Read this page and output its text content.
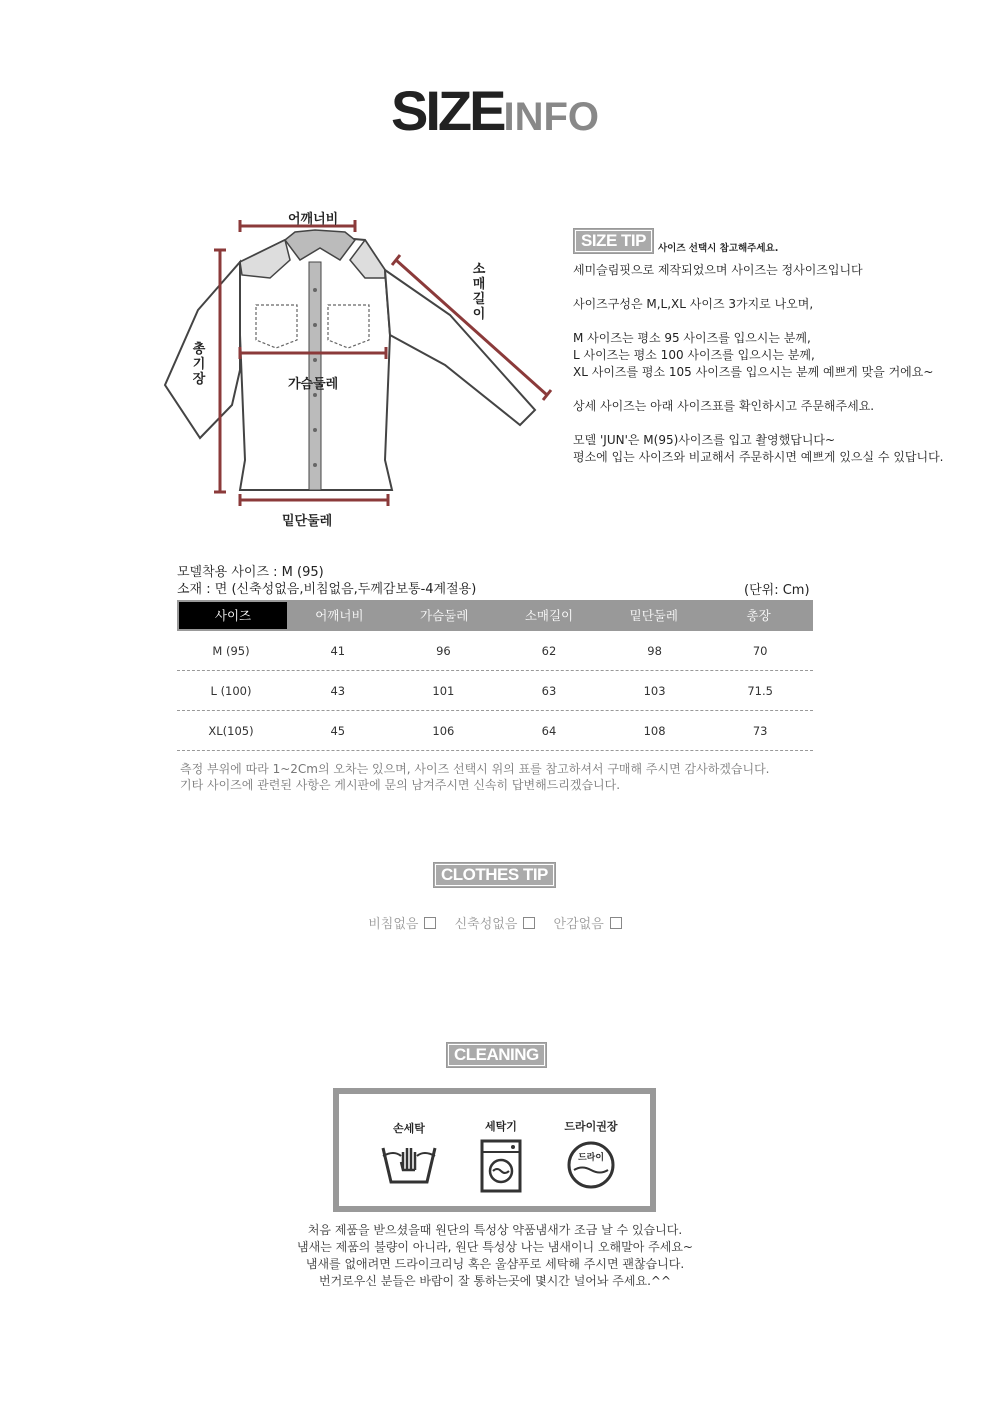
SIZEINFO
어깨너비
소매길이
총기장	가슴둘레
밑단둘레
SIZE TIP 사이즈 선택시 참고해주세요.
세미슬림핏으로 제작되었으며 사이즈는 정사이즈입니다
사이즈구성은 M,L,XL 사이즈 3가지로 나오며,
M 사이즈는 평소 95 사이즈를 입으시는 분께,
L 사이즈는 평소 100 사이즈를 입으시는 분께,
XL 사이즈를 평소 105 사이즈를 입으시는 분께 예쁘게 맞을 거에요~
상세 사이즈는 아래 사이즈표를 확인하시고 주문해주세요.
모델 'JUN'은 M(95)사이즈를 입고 촬영했답니다~
평소에 입는 사이즈와 비교해서 주문하시면 예쁘게 있으실 수 있답니다.
모델착용 사이즈 : M (95)
소재 : 면 (신축성없음,비침없음,두께감보통-4계절용)	(단위: Cm)
사이즈	어깨너비	가슴둘레	소매길이	밑단둘레	총장
M (95)	41	96	62	98	70
L (100)	43	101	63	103	71.5
XL(105)	45	106	64	108	73
측정 부위에 따라 1~2Cm의 오차는 있으며, 사이즈 선택시 위의 표를 참고하셔서 구매해 주시면 감사하겠습니다.
기타 사이즈에 관련된 사항은 게시판에 문의 남겨주시면 신속히 답변해드리겠습니다.
CLOTHES TIP
비침없음	신축성없음	안감없음
CLEANING
손세탁	세탁기	드라이권장
드라이
처음 제품을 받으셨을때 원단의 특성상 약품냄새가 조금 날 수 있습니다.
냄새는 제품의 불량이 아니라, 원단 특성상 나는 냄새이니 오해말아 주세요~
냄새를 없애려면 드라이크리닝 혹은 울샴푸로 세탁해 주시면 괜찮습니다.
번거로우신 분들은 바람이 잘 통하는곳에 몇시간 널어놔 주세요.^^
